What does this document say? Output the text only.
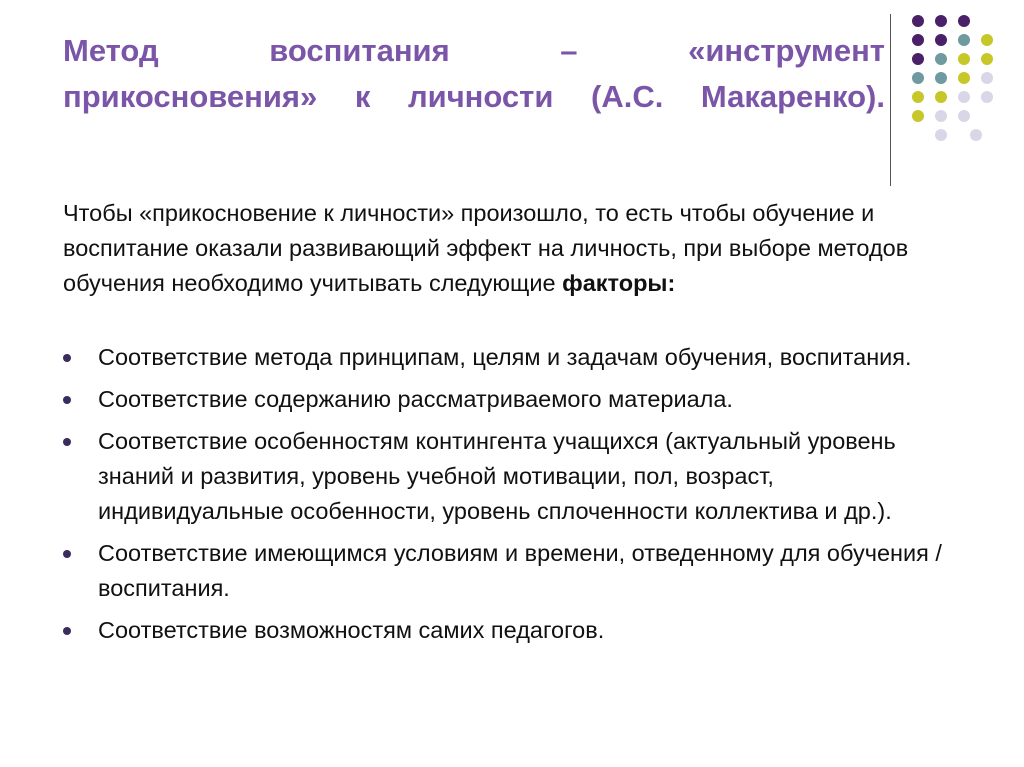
Метод воспитания – «инструмент
прикосновения» к личности (А.С. Макаренко).

Чтобы «прикосновение к личности» произошло, то есть чтобы обучение и воспитание оказали развивающий эффект на личность, при выборе методов обучения необходимо учитывать следующие факторы:

Соответствие метода принципам, целям и задачам обучения, воспитания.
Соответствие содержанию рассматриваемого материала.
Соответствие особенностям контингента учащихся (актуальный уровень знаний и развития, уровень учебной мотивации, пол, возраст, индивидуальные особенности, уровень сплоченности коллектива и др.).
Соответствие имеющимся условиям и времени, отведенному для обучения / воспитания.
Соответствие возможностям самих педагогов.
